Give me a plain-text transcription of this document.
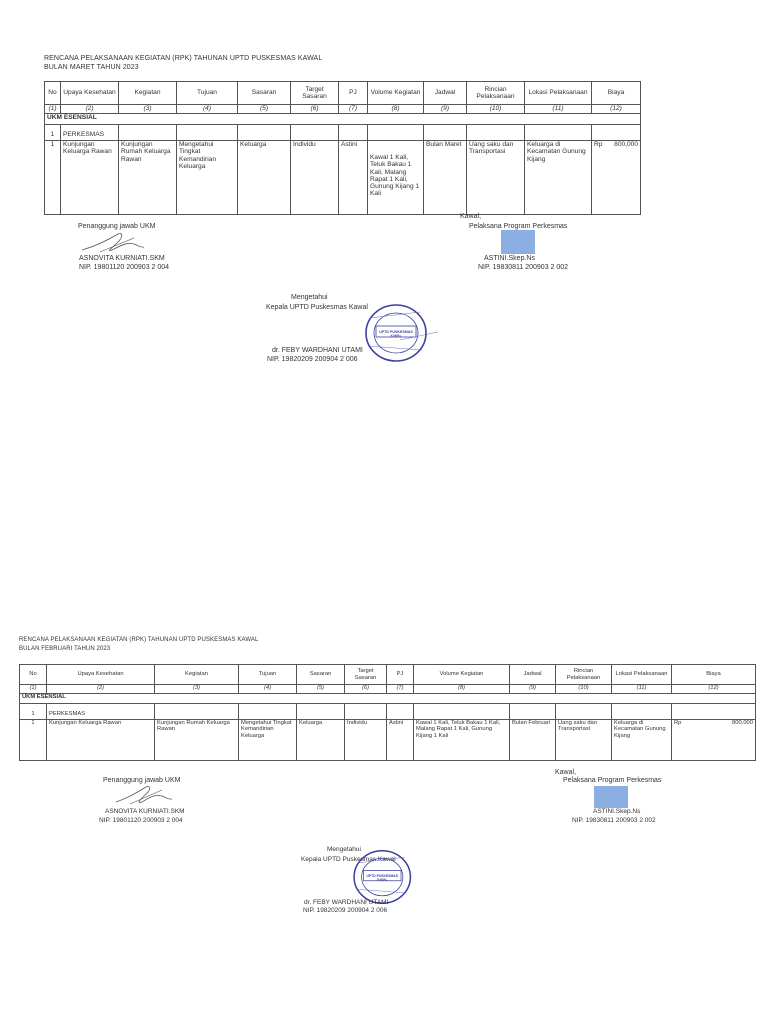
RENCANA PELAKSANAAN KEGIATAN (RPK) TAHUNAN UPTD PUSKESMAS KAWAL
BULAN MARET TAHUN 2023
No	Upaya Kesehatan	Kegiatan	Tujuan	Sasaran	Target Sasaran	PJ	Volume Kegiatan	Jadwal	Rincian Pelaksanaan	Lokasi Pelaksanaan	Biaya
(1)	(2)	(3)	(4)	(5)	(6)	(7)	(8)	(9)	(10)	(11)	(12)
UKM ESENSIAL											

1	PERKESMAS										
1	Kunjungan Keluarga Rawan	Kunjungan Rumah Keluarga Rawan	Mengetahui Tingkat Kemandirian Keluarga	Keluarga	Individu	Astini	Kawal 1 Kali, Teluk Bakau 1 Kali, Malang Rapat 1 Kali, Gunung Kijang 1 Kali	Bulan Maret	Uang saku dan Transportasi	Keluarga di Kecamatan Gunung Kijang	Rp 800,000
Kawal,
Penanggung jawab UKM	Pelaksana Program Perkesmas
ASNOVITA KURNIATI.SKM	ASTINI.Skep.Ns
NIP. 19801120 200903 2 004	NIP. 19830811 200903 2 002
Mengetahui
Kepala UPTD Puskesmas Kawal
UPTD PUSKESMAS
KAWAL
dr. FEBY WARDHANI UTAMI
NIP. 19820209 200904 2 006
RENCANA PELAKSANAAN KEGIATAN (RPK) TAHUNAN UPTD PUSKESMAS KAWAL
BULAN FEBRUARI TAHUN 2023
No	Upaya Kesehatan	Kegiatan	Tujuan	Sasaran	Target Sasaran	PJ	Volume Kegiatan	Jadwal	Rincian Pelaksanaan	Lokasi Pelaksanaan	Biaya
(1)	(2)	(3)	(4)	(5)	(6)	(7)	(8)	(9)	(10)	(11)	(12)
UKM ESENSIAL											

1	PERKESMAS										
1	Kunjungan Keluarga Rawan	Kunjungan Rumah Keluarga Rawan	Mengetahui Tingkat Kemandirian Keluarga	Keluarga	Individu	Astini	Kawal 1 Kali, Teluk Bakau 1 Kali, Malang Rapat 1 Kali, Gunung Kijang 1 Kali	Bulan Februari	Uang saku dan Transportasi	Keluarga di Kecamatan Gunung Kijang	Rp 800,000
Kawal,
Penanggung jawab UKM	Pelaksana Program Perkesmas
ASNOVITA KURNIATI.SKM	ASTINI.Skep.Ns
NIP. 19801120 200903 2 004	NIP. 19830811 200903 2 002
Mengetahui
Kepala UPTD Puskesmas Kawal
UPTD PUSKESMAS
KAWAL
dr. FEBY WARDHANI UTAMI
NIP. 19820209 200904 2 006
